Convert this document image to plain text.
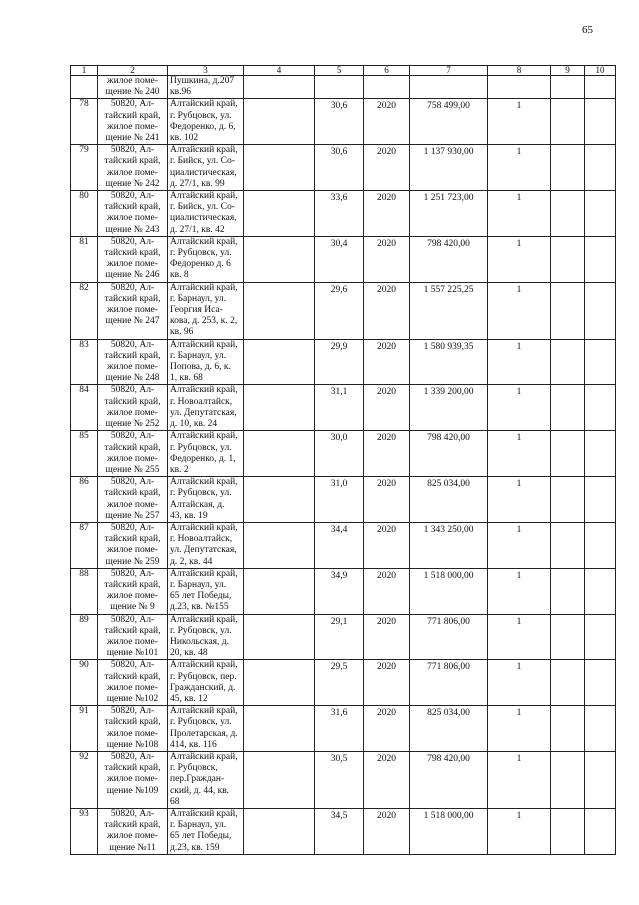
65
1	2	3	4	5	6	7	8	9	10
	жилое поме-
щение № 240	Пушкина, д.207
кв.96							
78	50820, Ал-
тайский край,
жилое поме-
щение № 241	Алтайский край,
г. Рубцовск, ул.
Федоренко, д. 6,
кв. 102		30,6	2020	758 499,00	1		
79	50820, Ал-
тайский край,
жилое поме-
щение № 242	Алтайский край,
г. Бийск, ул. Со-
циалистическая,
д. 27/1, кв. 99		30,6	2020	1 137 930,00	1		
80	50820, Ал-
тайский край,
жилое поме-
щение № 243	Алтайский край,
г. Бийск, ул. Со-
циалистическая,
д. 27/1, кв. 42		33,6	2020	1 251 723,00	1		
81	50820, Ал-
тайский край,
жилое поме-
щение № 246	Алтайский край,
г. Рубцовск, ул.
Федоренко д. 6
кв. 8		30,4	2020	798 420,00	1		
82	50820, Ал-
тайский край,
жилое поме-
щение № 247	Алтайский край,
г. Барнаул, ул.
Георгия Иса-
кова, д. 253, к. 2,
кв. 96		29,6	2020	1 557 225,25	1		
83	50820, Ал-
тайский край,
жилое поме-
щение № 248	Алтайский край,
г. Барнаул, ул.
Попова, д. 6, к.
1, кв. 68		29,9	2020	1 580 939,35	1		
84	50820, Ал-
тайский край,
жилое поме-
щение № 252	Алтайский край,
г. Новоалтайск,
ул. Депутатская,
д. 10, кв. 24		31,1	2020	1 339 200,00	1		
85	50820, Ал-
тайский край,
жилое поме-
щение № 255	Алтайский край,
г. Рубцовск, ул.
Федоренко, д. 1,
кв. 2		30,0	2020	798 420,00	1		
86	50820, Ал-
тайский край,
жилое поме-
щение № 257	Алтайский край,
г. Рубцовск, ул.
Алтайская, д.
43, кв. 19		31,0	2020	825 034,00	1		
87	50820, Ал-
тайский край,
жилое поме-
щение № 259	Алтайский край,
г. Новоалтайск,
ул. Депутатская,
д. 2, кв. 44		34,4	2020	1 343 250,00	1		
88	50820, Ал-
тайский край,
жилое поме-
щение № 9	Алтайский край,
г. Барнаул, ул.
65 лет Победы,
д.23, кв. №155		34,9	2020	1 518 000,00	1		
89	50820, Ал-
тайский край,
жилое поме-
щение №101	Алтайский край,
г. Рубцовск, ул.
Никольская, д.
20, кв. 48		29,1	2020	771 806,00	1		
90	50820, Ал-
тайский край,
жилое поме-
щение №102	Алтайский край,
г. Рубцовск, пер.
Гражданский, д.
45, кв. 12		29,5	2020	771 806,00	1		
91	50820, Ал-
тайский край,
жилое поме-
щение №108	Алтайский край,
г. Рубцовск, ул.
Пролетарская, д.
414, кв. 116		31,6	2020	825 034,00	1		
92	50820, Ал-
тайский край,
жилое поме-
щение №109	Алтайский край,
г. Рубцовск,
пер.Граждан-
ский, д. 44, кв.
68		30,5	2020	798 420,00	1		
93	50820, Ал-
тайский край,
жилое поме-
щение №11	Алтайский край,
г. Барнаул, ул.
65 лет Победы,
д.23, кв. 159		34,5	2020	1 518 000,00	1		
